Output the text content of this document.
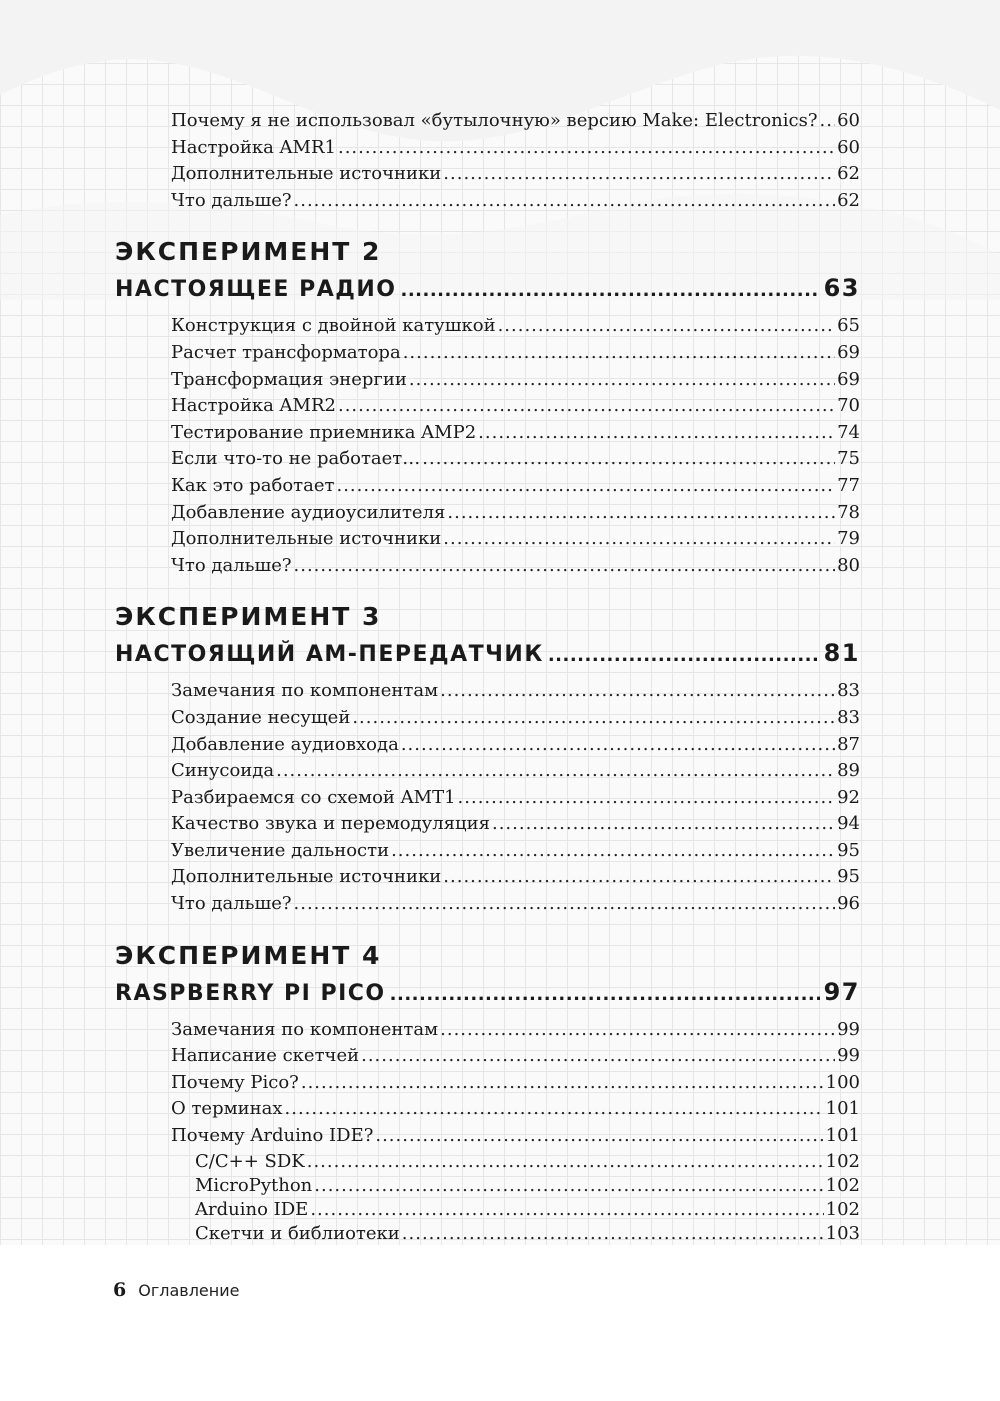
Почему я не использовал «бутылочную» версию Make: Electronics? ..... 60
Настройка AMR1 .....	60
Дополнительные источники .....	62
Что дальше? .....	62
ЭКСПЕРИМЕНТ 2
НАСТОЯЩЕЕ РАДИО .....	63
Конструкция с двойной катушкой .....	65
Расчет трансформатора .....	69
Трансформация энергии .....	69
Настройка AMR2 .....	70
Тестирование приемника AMP2 .....	74
Если что-то не работает… .....	75
Как это работает .....	77
Добавление аудиоусилителя .....	78
Дополнительные источники .....	79
Что дальше? .....	80
ЭКСПЕРИМЕНТ 3
НАСТОЯЩИЙ АМ-ПЕРЕДАТЧИК .....	81
Замечания по компонентам .....	83
Создание несущей .....	83
Добавление аудиовхода .....	87
Синусоида .....	89
Разбираемся со схемой AMT1 .....	92
Качество звука и перемодуляция .....	94
Увеличение дальности .....	95
Дополнительные источники .....	95
Что дальше? .....	96
ЭКСПЕРИМЕНТ 4
RASPBERRY PI PICO .....	97
Замечания по компонентам .....	99
Написание скетчей .....	99
Почему Pico? .....	100
О терминах .....	101
Почему Arduino IDE? .....	101
C/C++ SDK .....	102
MicroPython .....	102
Arduino IDE .....	102
Скетчи и библиотеки .....	103
6 Оглавление
